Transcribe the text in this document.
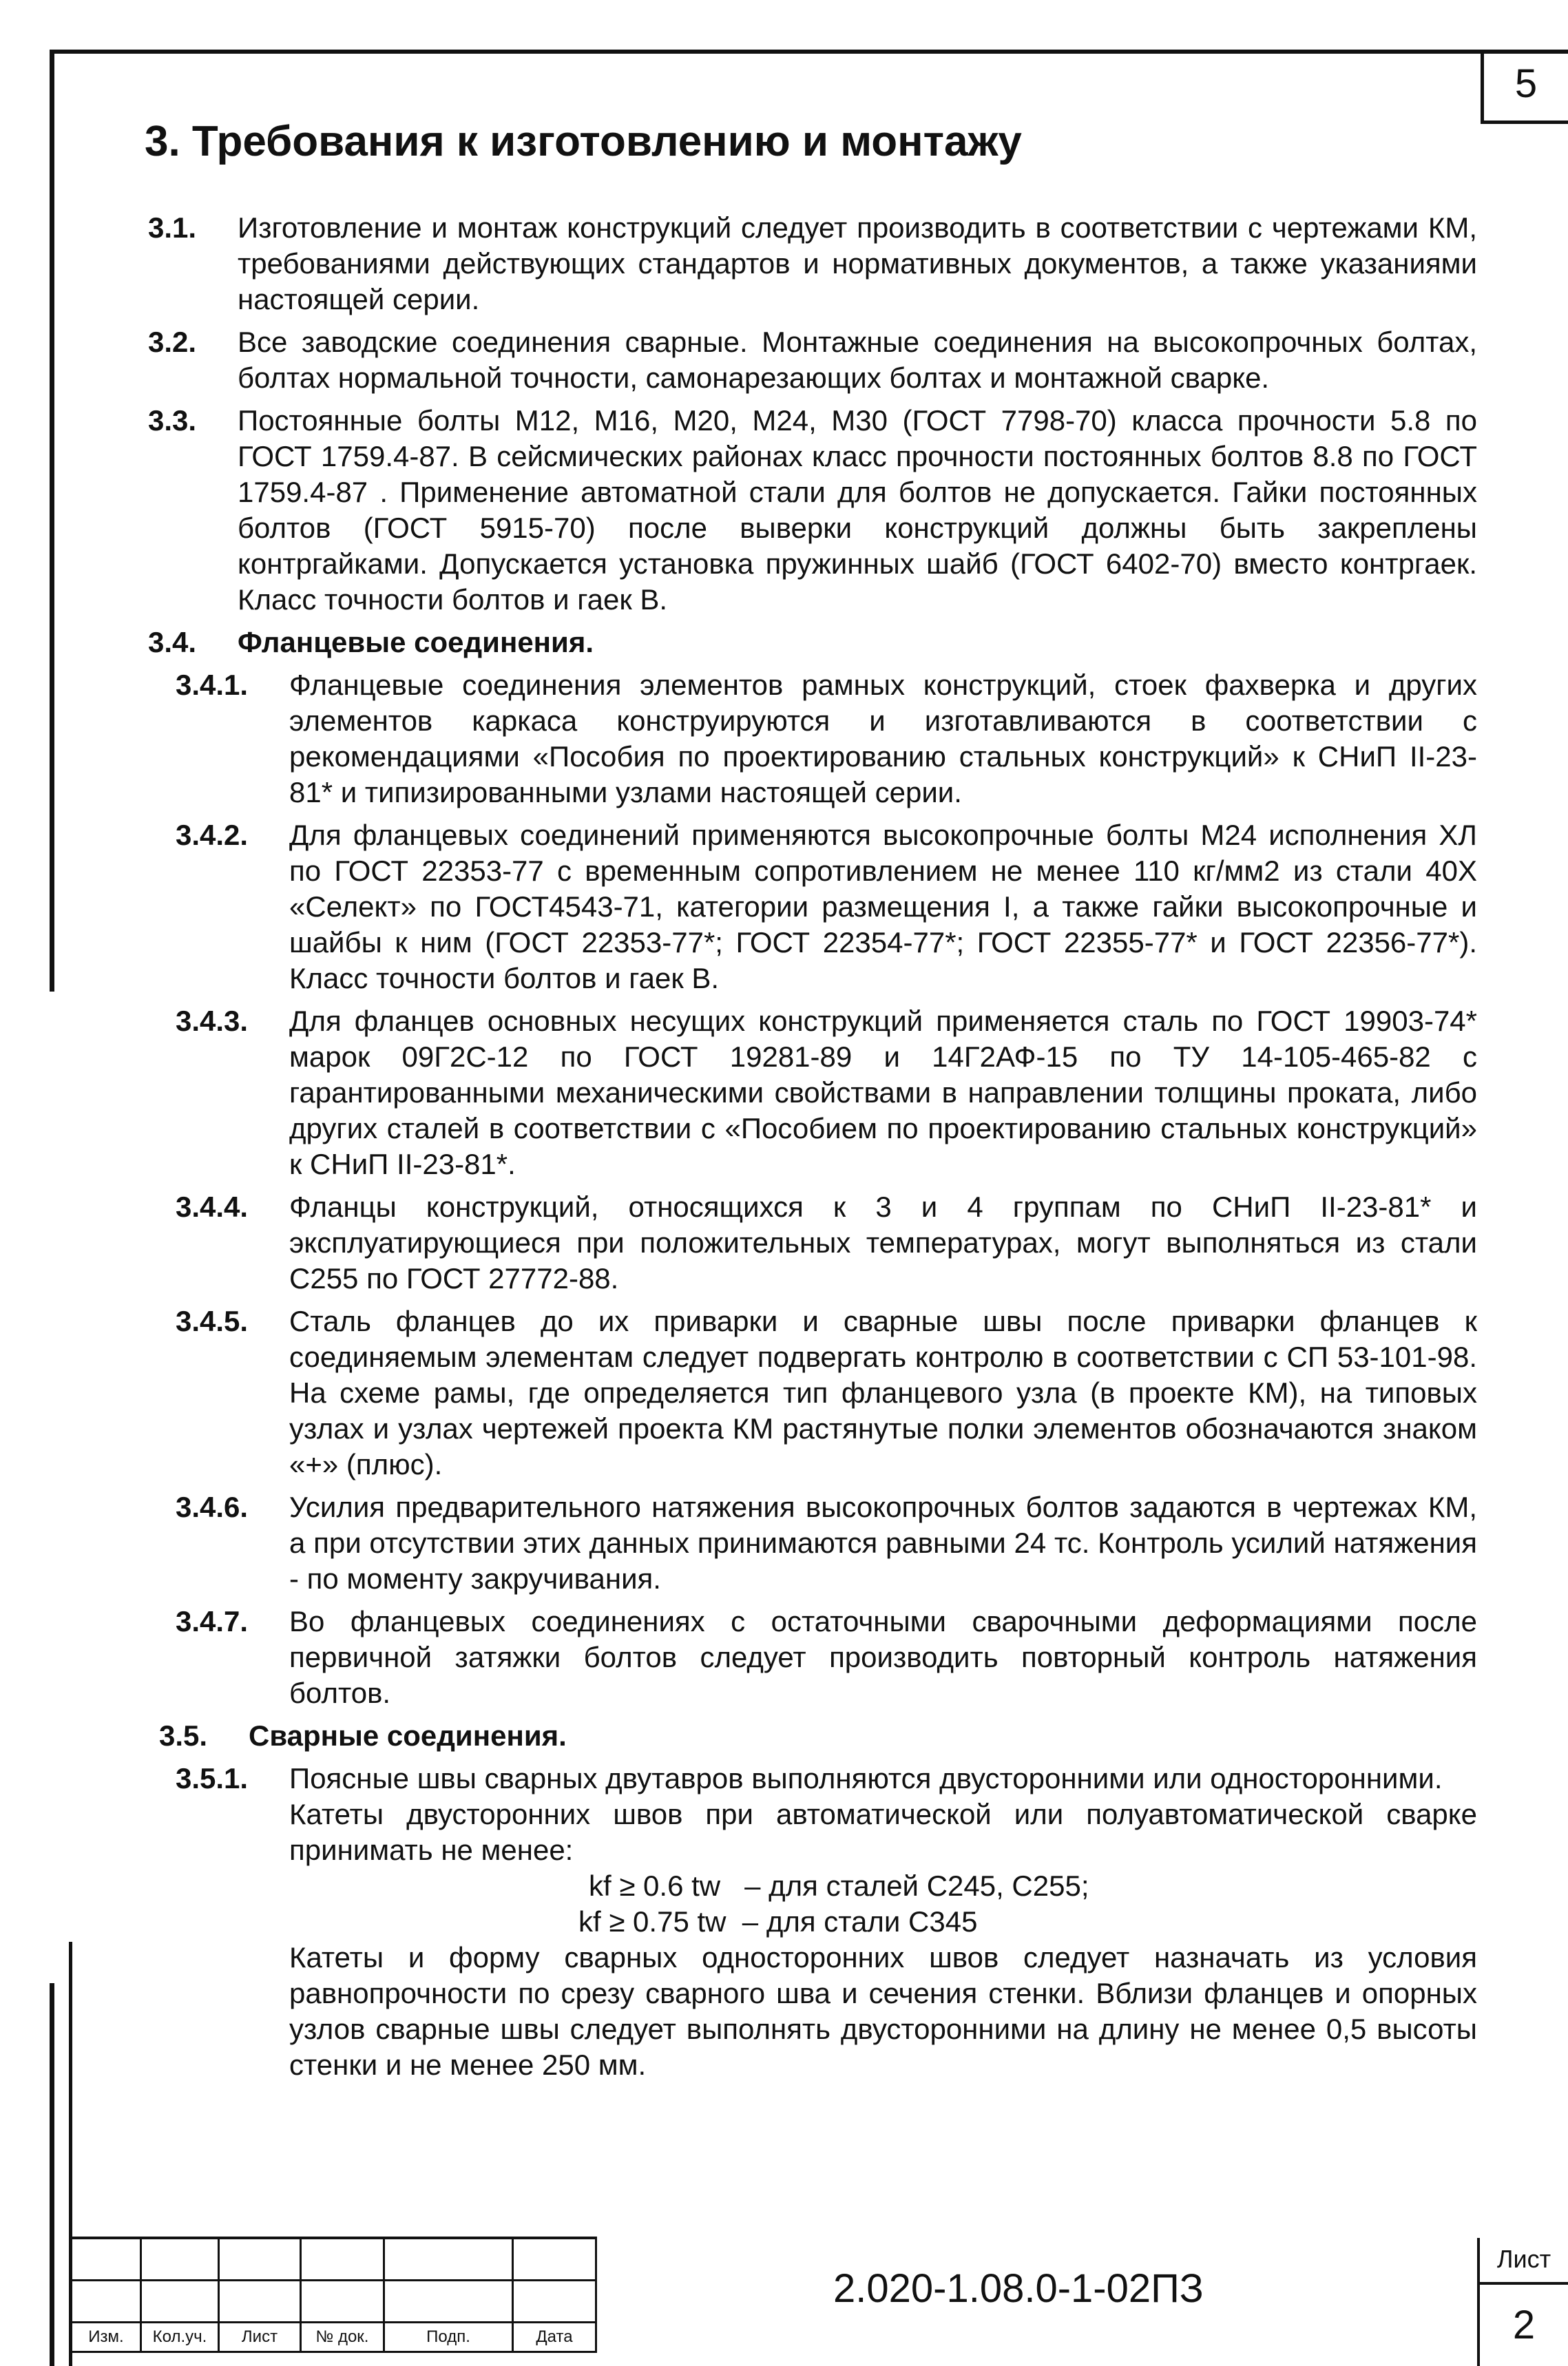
5
3. Требования к изготовлению и монтажу
3.1.	Изготовление и монтаж конструкций следует производить в соответствии с чертежами КМ, требованиями действующих стандартов и нормативных документов, а также указаниями настоящей серии.
3.2.	Все заводские соединения сварные. Монтажные соединения на высокопрочных болтах, болтах нормальной точности, самонарезающих болтах и монтажной сварке.
3.3.	Постоянные болты М12, М16, М20, М24, М30 (ГОСТ 7798-70) класса прочности 5.8 по ГОСТ 1759.4-87. В сейсмических районах класс прочности постоянных болтов 8.8 по ГОСТ 1759.4-87 . Применение автоматной стали для болтов не допускается. Гайки постоянных болтов (ГОСТ 5915-70) после выверки конструкций должны быть закреплены контргайками. Допускается установка пружинных шайб (ГОСТ 6402-70) вместо контргаек. Класс точности болтов и гаек В.
3.4.	Фланцевые соединения.
3.4.1.	Фланцевые соединения элементов рамных конструкций, стоек фахверка и других элементов каркаса конструируются и изготавливаются в соответствии с рекомендациями «Пособия по проектированию стальных конструкций» к СНиП II-23-81* и типизированными узлами настоящей серии.
3.4.2.	Для фланцевых соединений применяются высокопрочные болты М24 исполнения ХЛ по ГОСТ 22353-77 с временным сопротивлением не менее 110 кг/мм2 из стали 40Х «Селект» по ГОСТ4543-71, категории размещения I, а также гайки высокопрочные и шайбы к ним (ГОСТ 22353-77*; ГОСТ 22354-77*; ГОСТ 22355-77* и ГОСТ 22356-77*). Класс точности болтов и гаек В.
3.4.3.	Для фланцев основных несущих конструкций применяется сталь по ГОСТ 19903-74* марок 09Г2С-12 по ГОСТ 19281-89 и 14Г2АФ-15 по ТУ 14-105-465-82 с гарантированными механическими свойствами в направлении толщины проката, либо других сталей в соответствии с «Пособием по проектированию стальных конструкций» к СНиП II-23-81*.
3.4.4.	Фланцы конструкций, относящихся к 3 и 4 группам по СНиП II-23-81* и эксплуатирующиеся при положительных температурах, могут выполняться из стали С255 по ГОСТ 27772-88.
3.4.5.	Сталь фланцев до их приварки и сварные швы после приварки фланцев к соединяемым элементам следует подвергать контролю в соответствии с СП 53-101-98. На схеме рамы, где определяется тип фланцевого узла (в проекте КМ), на типовых узлах и узлах чертежей проекта КМ растянутые полки элементов обозначаются знаком «+» (плюс).
3.4.6.	Усилия предварительного натяжения высокопрочных болтов задаются в чертежах КМ, а при отсутствии этих данных принимаются равными 24 тс. Контроль усилий натяжения - по моменту закручивания.
3.4.7.	Во фланцевых соединениях с остаточными сварочными деформациями после первичной затяжки болтов следует производить повторный контроль натяжения болтов.
3.5.	Сварные соединения.
3.5.1.	Поясные швы сварных двутавров выполняются двусторонними или односторонними.

Катеты двусторонних швов при автоматической или полуавтоматической сварке принимать не менее:

kf ≥ 0.6 tw   – для сталей С245, С255;

kf ≥ 0.75 tw  – для стали С345

Катеты и форму сварных односторонних швов следует назначать из условия равнопрочности по срезу сварного шва и сечения стенки. Вблизи фланцев и опорных узлов сварные швы следует выполнять двусторонними на длину не менее 0,5 высоты стенки и не менее 250 мм.

Изм.	Кол.уч.	Лист	№ док.	Подп.	Дата
2.020-1.08.0-1-02ПЗ
Лист
2
